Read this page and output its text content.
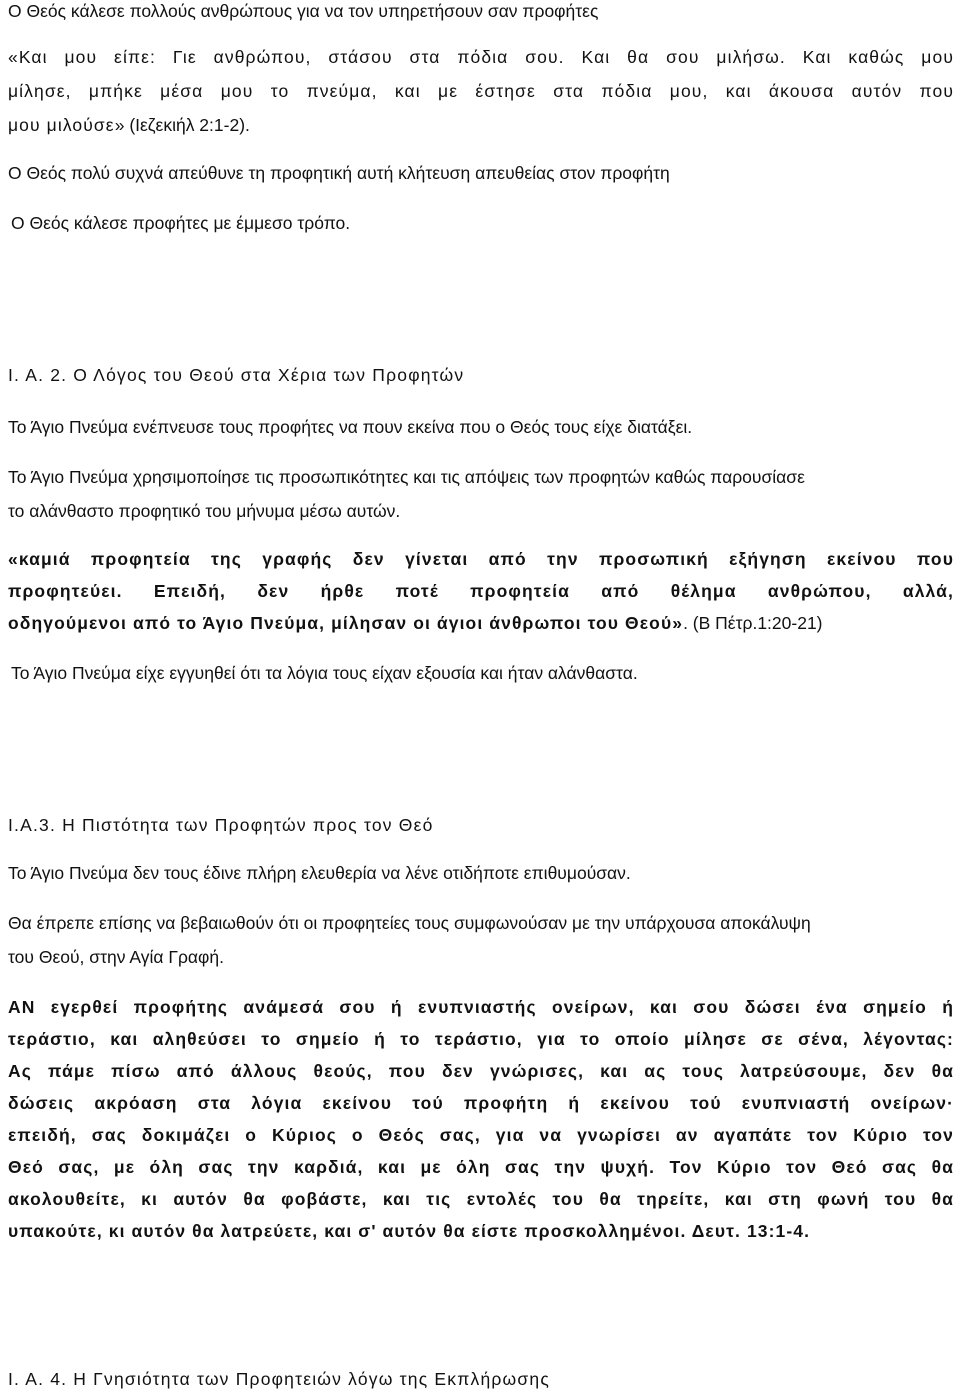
Ο Θεός κάλεσε πολλούς ανθρώπους για να τον υπηρετήσουν σαν προφήτες
«Και μου είπε: Γιε ανθρώπου, στάσου στα πόδια σου. Και θα σου μιλήσω. Και καθώς μου
μίλησε, μπήκε μέσα μου το πνεύμα, και με έστησε στα πόδια μου, και άκουσα αυτόν που
μου μιλούσε» (Ιεζεκιήλ 2:1-2).
Ο Θεός πολύ συχνά απεύθυνε τη προφητική αυτή κλήτευση απευθείας στον προφήτη
Ο Θεός κάλεσε προφήτες με έμμεσο τρόπο.
Ι. Α. 2. Ο Λόγος του Θεού στα Χέρια των Προφητών
Το Άγιο Πνεύμα ενέπνευσε τους προφήτες να πουν εκείνα που ο Θεός τους είχε διατάξει.
Το Άγιο Πνεύμα χρησιμοποίησε τις προσωπικότητες και τις απόψεις των προφητών καθώς παρουσίασε
το αλάνθαστο προφητικό του μήνυμα μέσω αυτών.
«καμιά προφητεία της γραφής δεν γίνεται από την προσωπική εξήγηση εκείνου που
προφητεύει. Επειδή, δεν ήρθε ποτέ προφητεία από θέλημα ανθρώπου, αλλά,
οδηγούμενοι από το Άγιο Πνεύμα, μίλησαν οι άγιοι άνθρωποι του Θεού». (Β Πέτρ.1:20-21)
Το Άγιο Πνεύμα είχε εγγυηθεί ότι τα λόγια τους είχαν εξουσία και ήταν αλάνθαστα.
Ι.Α.3. Η Πιστότητα των Προφητών προς τον Θεό
Το Άγιο Πνεύμα δεν τους έδινε πλήρη ελευθερία να λένε οτιδήποτε επιθυμούσαν.
Θα έπρεπε επίσης να βεβαιωθούν ότι οι προφητείες τους συμφωνούσαν με την υπάρχουσα αποκάλυψη
του Θεού, στην Αγία Γραφή.
ΑΝ εγερθεί προφήτης ανάμεσά σου ή ενυπνιαστής ονείρων, και σου δώσει ένα σημείο ή
τεράστιο, και αληθεύσει το σημείο ή το τεράστιο, για το οποίο μίλησε σε σένα, λέγοντας:
Ας πάμε πίσω από άλλους θεούς, που δεν γνώρισες, και ας τους λατρεύσουμε, δεν θα
δώσεις ακρόαση στα λόγια εκείνου τού προφήτη ή εκείνου τού ενυπνιαστή ονείρων·
επειδή, σας δοκιμάζει ο Κύριος ο Θεός σας, για να γνωρίσει αν αγαπάτε τον Κύριο τον
Θεό σας, με όλη σας την καρδιά, και με όλη σας την ψυχή. Τον Κύριο τον Θεό σας θα
ακολουθείτε, κι αυτόν θα φοβάστε, και τις εντολές του θα τηρείτε, και στη φωνή του θα
υπακούτε, κι αυτόν θα λατρεύετε, και σ' αυτόν θα είστε προσκολλημένοι. Δευτ. 13:1-4.
Ι. Α. 4. Η Γνησιότητα των Προφητειών λόγω της Εκπλήρωσης
